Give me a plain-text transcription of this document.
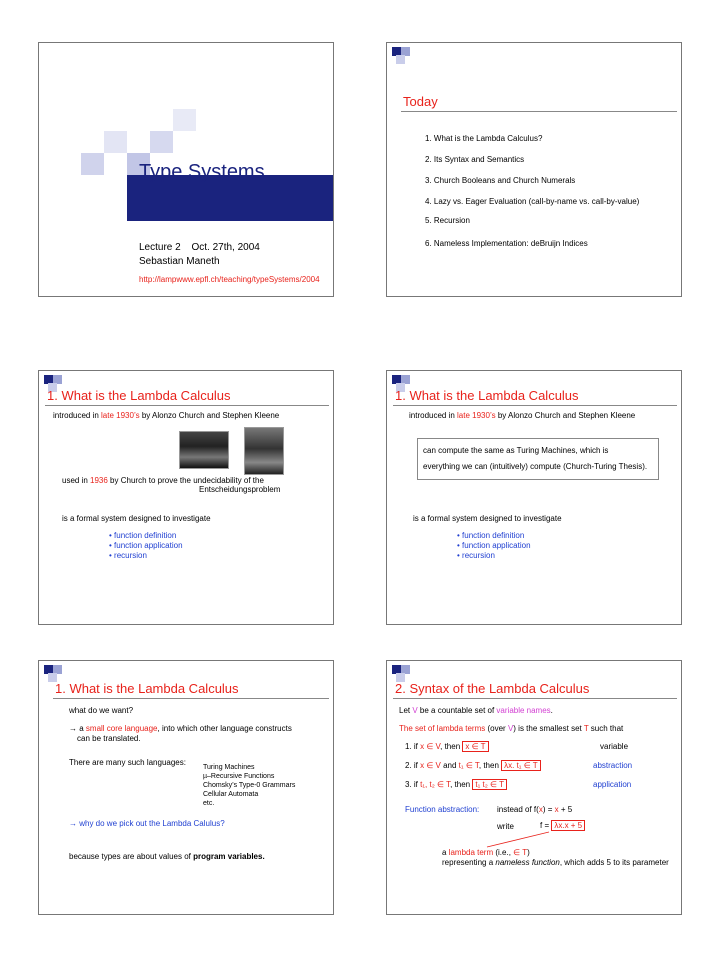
Type Systems
Lecture 2 Oct. 27th, 2004
Sebastian Maneth
http://lampwww.epfl.ch/teaching/typeSystems/2004
Today
1. What is the Lambda Calculus?
2. Its Syntax and Semantics
3. Church Booleans and Church Numerals
4. Lazy vs. Eager Evaluation (call-by-name vs. call-by-value)
5. Recursion
6. Nameless Implementation: deBruijn Indices
1. What is the Lambda Calculus
introduced in late 1930’s by Alonzo Church and Stephen Kleene
used in 1936 by Church to prove the undecidability of the
Entscheidungsproblem
is a formal system designed to investigate
• function definition
• function application
• recursion
1. What is the Lambda Calculus
introduced in late 1930’s by Alonzo Church and Stephen Kleene
can compute the same as Turing Machines, which is
everything we can (intuitively) compute (Church-Turing Thesis).
is a formal system designed to investigate
• function definition
• function application
• recursion
1. What is the Lambda Calculus
what do we want?
→ a small core language, into which other language constructs
can be translated.
There are many such languages:
Turing Machines
µ–Recursive Functions
Chomsky’s Type-0 Grammars
Cellular Automata
etc.
→ why do we pick out the Lambda Calulus?
because types are about values of program variables.
2. Syntax of the Lambda Calculus
Let V be a countable set of variable names.
The set of lambda terms (over V) is the smallest set T such that
1. if x ∈ V, then x ∈ T	variable
2. if x ∈ V and t₁ ∈ T, then λx. t₁ ∈ T	abstraction
3. if t₁, t₂ ∈ T, then t₁ t₂ ∈ T	application
Function abstraction: instead of f(x) = x + 5
write	f = λx.x + 5
a lambda term (i.e., ∈ T)
representing a nameless function, which adds 5 to its parameter
